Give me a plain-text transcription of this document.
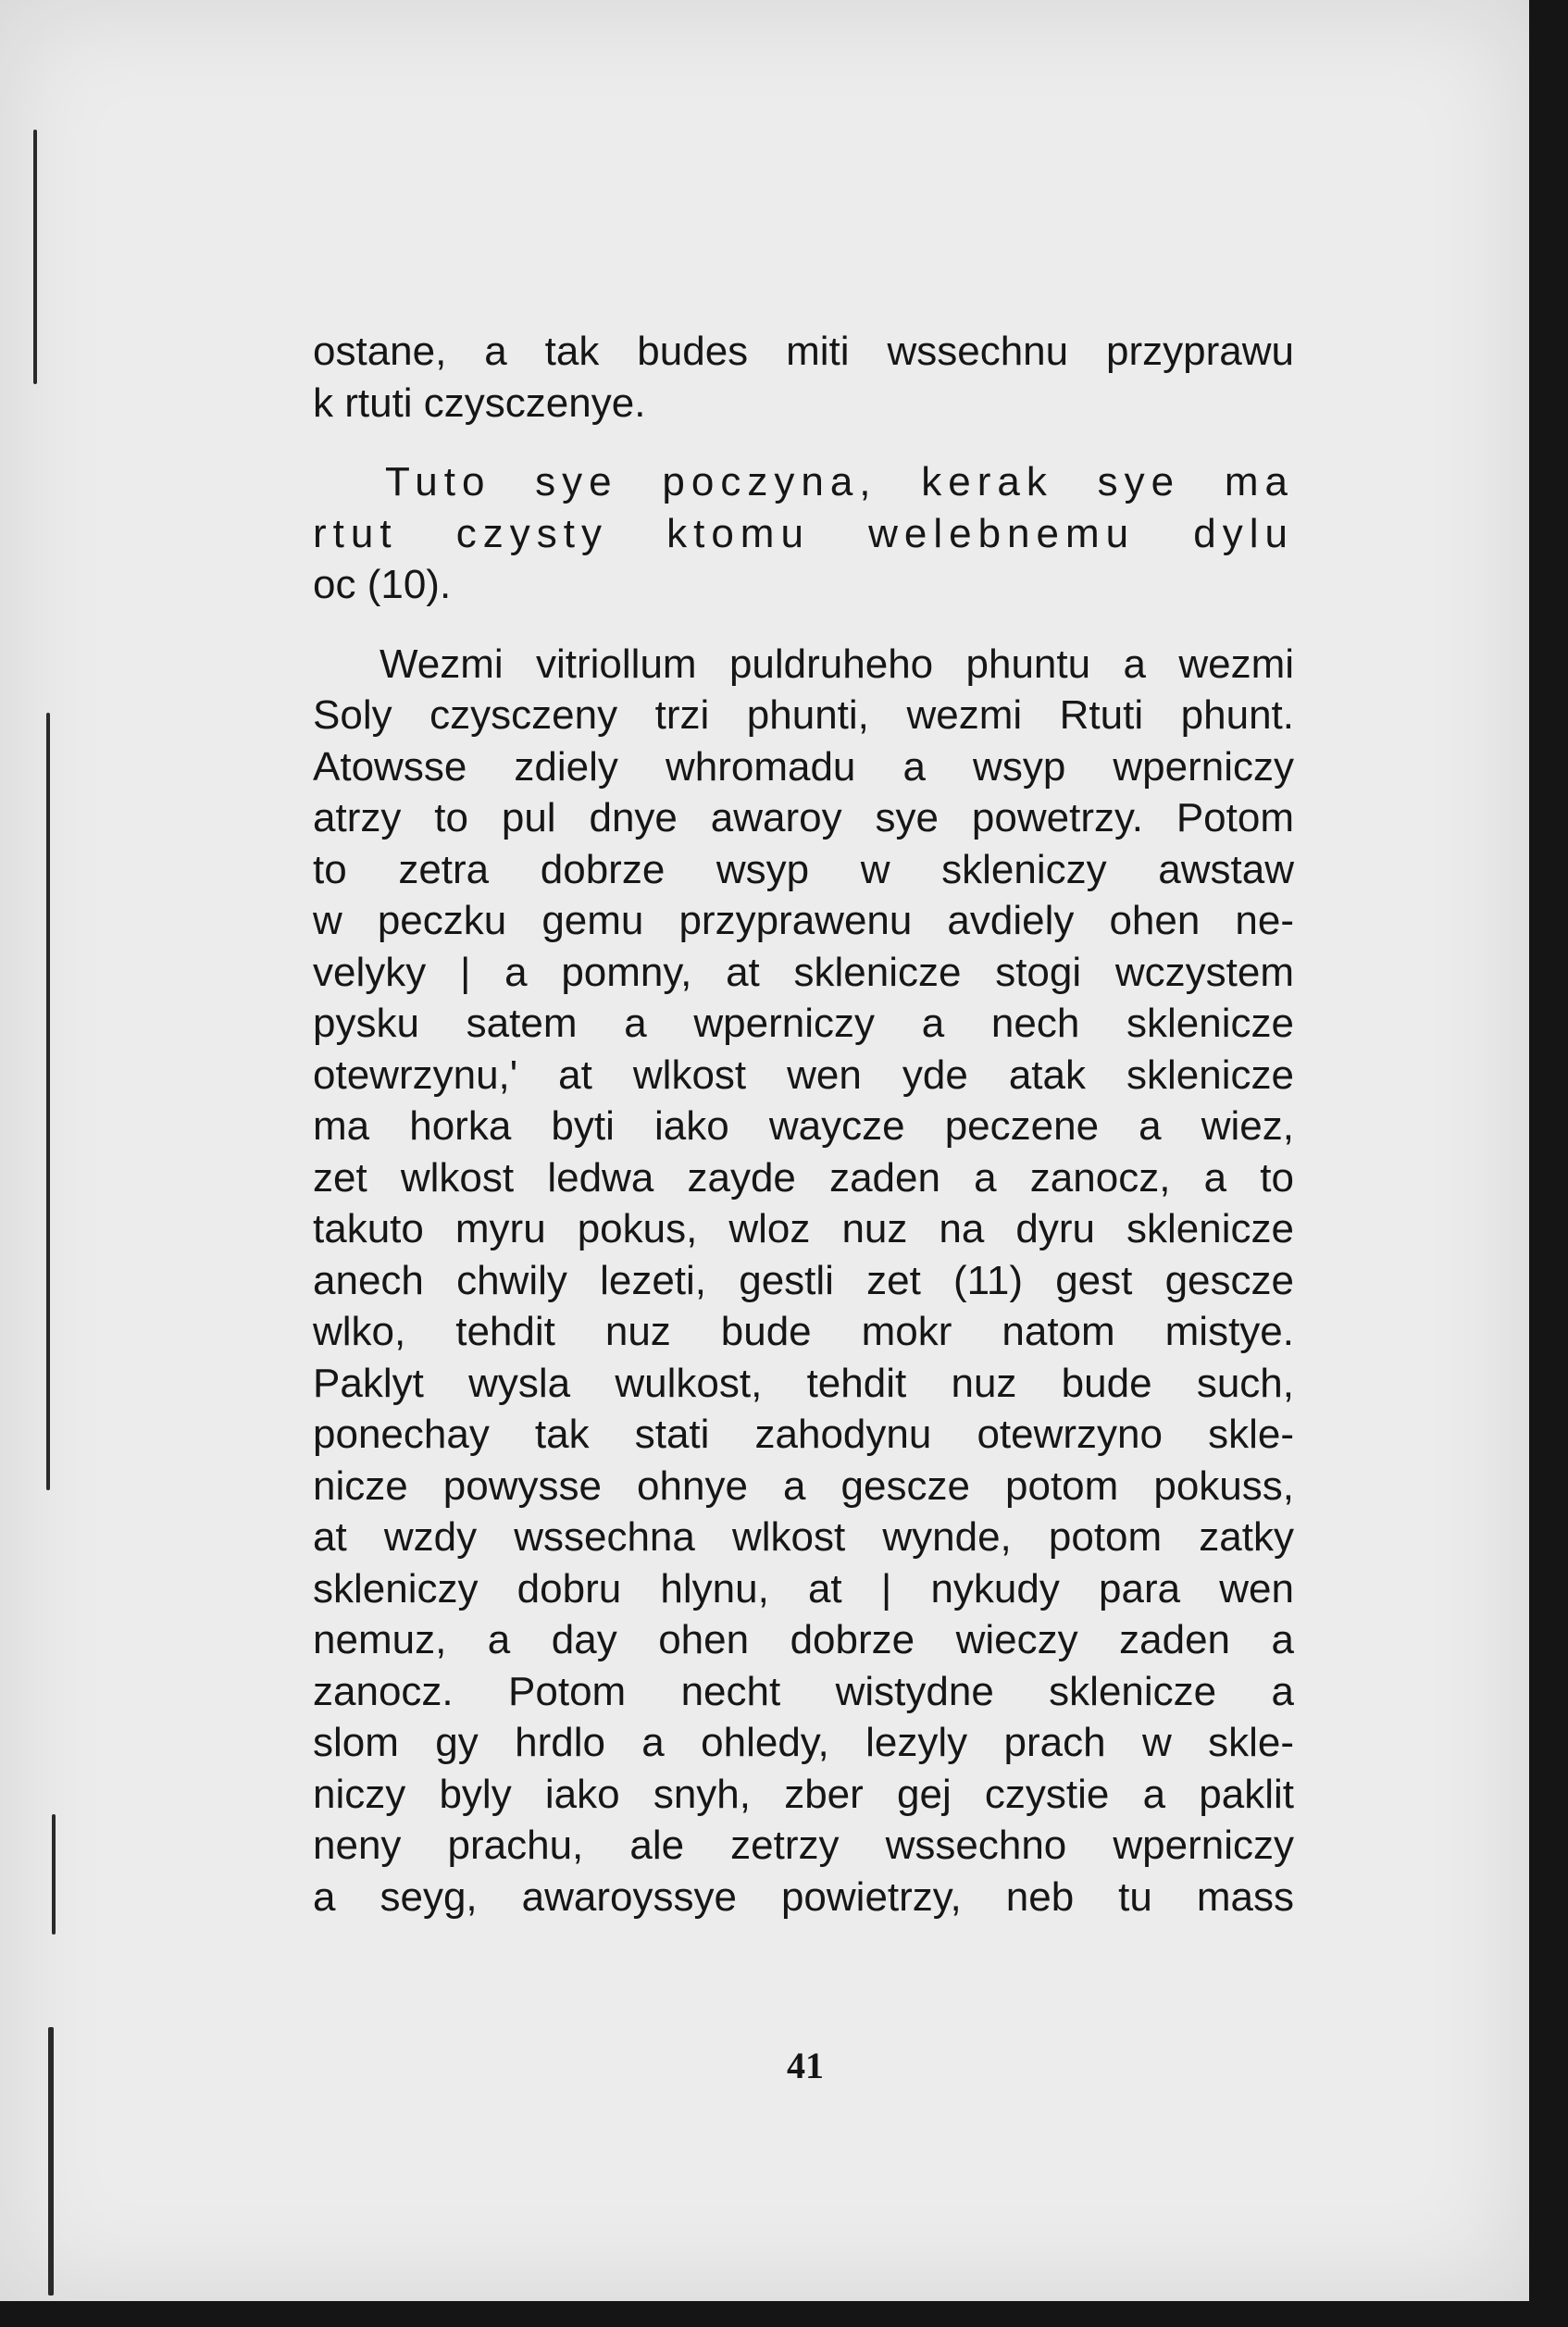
ostane, a tak budes miti wssechnu przyprawu
k rtuti czysczenye.

Tuto sye poczyna, kerak sye ma
rtut czysty ktomu welebnemu dylu
oc (10).

Wezmi vitriollum puldruheho phuntu a wezmi
Soly czysczeny trzi phunti, wezmi Rtuti phunt.
Atowsse zdiely whromadu a wsyp wperniczy
atrzy to pul dnye awaroy sye powetrzy. Potom
to zetra dobrze wsyp w skleniczy awstaw
w peczku gemu przyprawenu avdiely ohen ne-
velyky | a pomny, at sklenicze stogi wczystem
pysku satem a wperniczy a nech sklenicze
otewrzynu,' at wlkost wen yde atak sklenicze
ma horka byti iako wayczе peczene a wiez,
zet wlkost ledwa zayde zaden a zanocz, a to
takuto myru pokus, wloz nuz na dyru sklenicze
anech chwily lezeti, gestli zet (11) gest gescze
wlko, tehdit nuz bude mokr natom mistye.
Paklyt wysla wulkost, tehdit nuz bude such,
ponechay tak stati zahodynu otewrzyno skle-
nicze powysse ohnye a gescze potom pokuss,
at wzdy wssechna wlkost wynde, potom zatky
skleniczy dobru hlynu, at | nykudy para wen
nemuz, a day ohen dobrze wieczy zaden a
zanocz. Potom necht wistydne sklenicze a
slom gy hrdlo a ohledy, lezyly prach w skle-
niczy byly iako snyh, zber gej czystie a paklit
neny prachu, ale zetrzy wssechno wperniczy
a seyg, awaroyssye powietrzy, neb tu mass

41
